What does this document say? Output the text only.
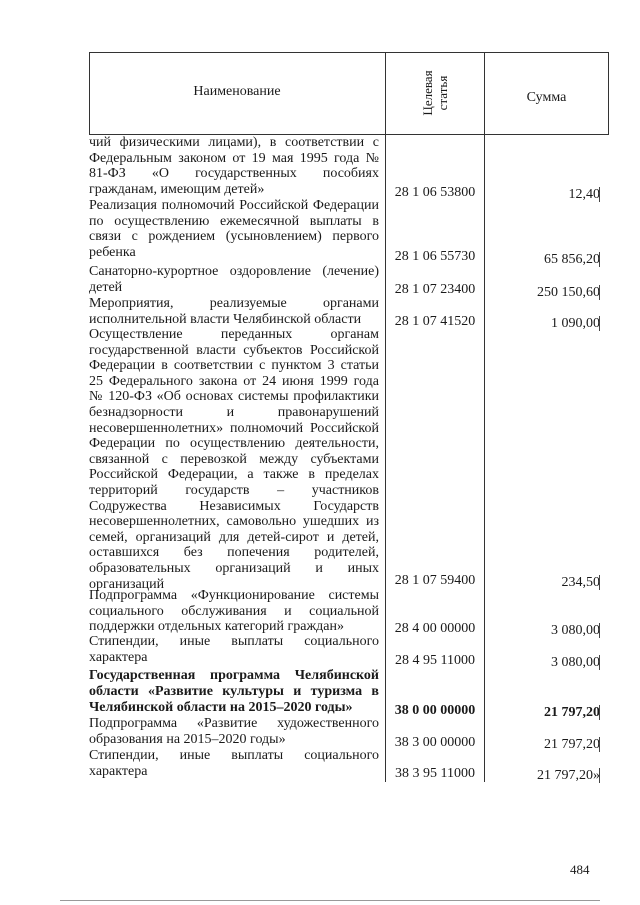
Наименование	Целевая статья	Сумма
чий физическими лицами), в соответствии с Федеральным законом от 19 мая 1995 года № 81-ФЗ «О государственных пособиях гражданам, имеющим детей»	28 1 06 53800	12,40
Реализация полномочий Российской Федерации по осуществлению ежемесячной выплаты в связи с рождением (усыновлением) первого ребенка	28 1 06 55730	65 856,20
Санаторно-курортное оздоровление (лечение) детей	28 1 07 23400	250 150,60
Мероприятия, реализуемые органами исполнительной власти Челябинской области	28 1 07 41520	1 090,00
Осуществление переданных органам государственной власти субъектов Российской Федерации в соответствии с пунктом 3 статьи 25 Федерального закона от 24 июня 1999 года № 120-ФЗ «Об основах системы профилактики безнадзорности и правонарушений несовершеннолетних» полномочий Российской Федерации по осуществлению деятельности, связанной с перевозкой между субъектами Российской Федерации, а также в пределах территорий государств – участников Содружества Независимых Государств несовершеннолетних, самовольно ушедших из семей, организаций для детей-сирот и детей, оставшихся без попечения родителей, образовательных организаций и иных организаций	28 1 07 59400	234,50
Подпрограмма «Функционирование системы социального обслуживания и социальной поддержки отдельных категорий граждан»	28 4 00 00000	3 080,00
Стипендии, иные выплаты социального характера	28 4 95 11000	3 080,00
Государственная программа Челябинской области «Развитие культуры и туризма в Челябинской области на 2015–2020 годы»	38 0 00 00000	21 797,20
Подпрограмма «Развитие художественного образования на 2015–2020 годы»	38 3 00 00000	21 797,20
Стипендии, иные выплаты социального характера	38 3 95 11000	21 797,20»
484
